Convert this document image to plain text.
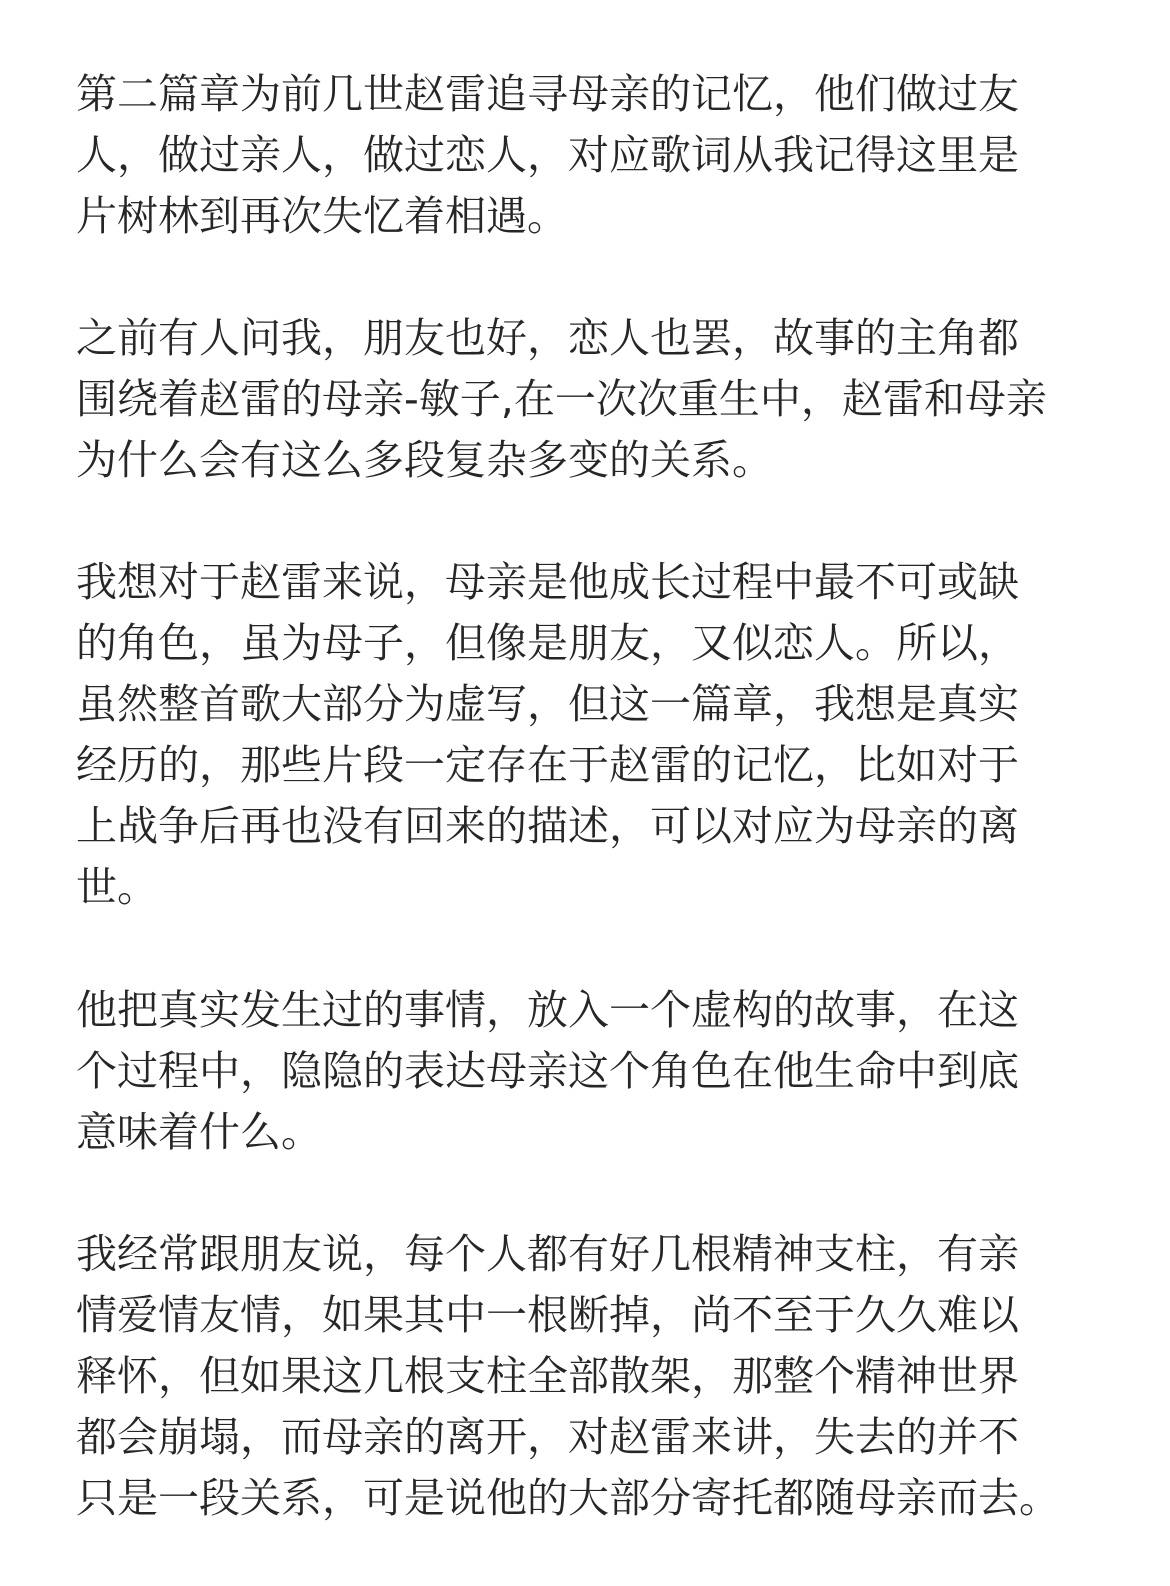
第二篇章为前几世赵雷追寻母亲的记忆，他们做过友
人，做过亲人，做过恋人，对应歌词从我记得这里是
片树林到再次失忆着相遇。

之前有人问我，朋友也好，恋人也罢，故事的主角都
围绕着赵雷的母亲-敏子,在一次次重生中，赵雷和母亲
为什么会有这么多段复杂多变的关系。

我想对于赵雷来说，母亲是他成长过程中最不可或缺
的角色，虽为母子，但像是朋友，又似恋人。所以，
虽然整首歌大部分为虚写，但这一篇章，我想是真实
经历的，那些片段一定存在于赵雷的记忆，比如对于
上战争后再也没有回来的描述，可以对应为母亲的离
世。

他把真实发生过的事情，放入一个虚构的故事，在这
个过程中，隐隐的表达母亲这个角色在他生命中到底
意味着什么。

我经常跟朋友说，每个人都有好几根精神支柱，有亲
情爱情友情，如果其中一根断掉，尚不至于久久难以
释怀，但如果这几根支柱全部散架，那整个精神世界
都会崩塌，而母亲的离开，对赵雷来讲，失去的并不
只是一段关系，可是说他的大部分寄托都随母亲而去。
